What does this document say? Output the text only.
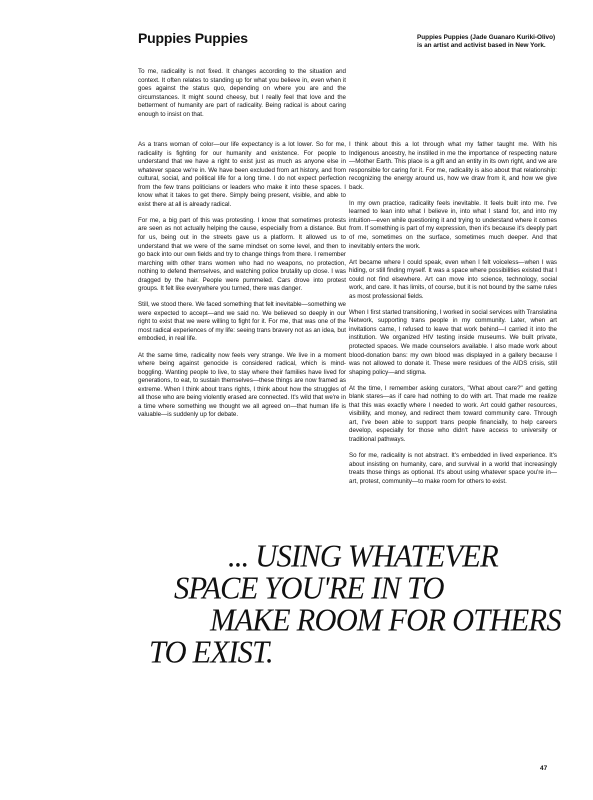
Puppies Puppies	Puppies Puppies (Jade Guanaro Kuriki-Olivo) is an artist and activist based in New York.

To me, radicality is not fixed. It changes according to the situation and context. It often relates to standing up for what you believe in, even when it goes against the status quo, depending on where you are and the circumstances. It might sound cheesy, but I really feel that love and the betterment of humanity are part of radicality. Being radical is about caring enough to insist on that.

As a trans woman of color—our life expectancy is a lot lower. So for me, radicality is fighting for our humanity and existence. For people to understand that we have a right to exist just as much as anyone else in whatever space we're in. We have been excluded from art history, and from cultural, social, and political life for a long time. I do not expect perfection from the few trans politicians or leaders who make it into these spaces. I know what it takes to get there. Simply being present, visible, and able to exist there at all is already radical.

For me, a big part of this was protesting. I know that sometimes protests are seen as not actually helping the cause, especially from a distance. But for us, being out in the streets gave us a platform. It allowed us to understand that we were of the same mindset on some level, and then to go back into our own fields and try to change things from there. I remember marching with other trans women who had no weapons, no protection, nothing to defend themselves, and watching police brutality up close. I was dragged by the hair. People were pummeled. Cars drove into protest groups. It felt like everywhere you turned, there was danger.

Still, we stood there. We faced something that felt inevitable—something we were expected to accept—and we said no. We believed so deeply in our right to exist that we were willing to fight for it. For me, that was one of the most radical experiences of my life: seeing trans bravery not as an idea, but embodied, in real life.

At the same time, radicality now feels very strange. We live in a moment where being against genocide is considered radical, which is mind-boggling. Wanting people to live, to stay where their families have lived for generations, to eat, to sustain themselves—these things are now framed as extreme. When I think about trans rights, I think about how the struggles of all those who are being violently erased are connected. It's wild that we're in a time where something we thought we all agreed on—that human life is valuable—is suddenly up for debate.

I think about this a lot through what my father taught me. With his Indigenous ancestry, he instilled in me the importance of respecting nature—Mother Earth. This place is a gift and an entity in its own right, and we are responsible for caring for it. For me, radicality is also about that relationship: recognizing the energy around us, how we draw from it, and how we give back.

In my own practice, radicality feels inevitable. It feels built into me. I've learned to lean into what I believe in, into what I stand for, and into my intuition—even while questioning it and trying to understand where it comes from. If something is part of my expression, then it's because it's deeply part of me, sometimes on the surface, sometimes much deeper. And that inevitably enters the work.

Art became where I could speak, even when I felt voiceless—when I was hiding, or still finding myself. It was a space where possibilities existed that I could not find elsewhere. Art can move into science, technology, social work, and care. It has limits, of course, but it is not bound by the same rules as most professional fields.

When I first started transitioning, I worked in social services with Translatina Network, supporting trans people in my community. Later, when art invitations came, I refused to leave that work behind—I carried it into the institution. We organized HIV testing inside museums. We built private, protected spaces. We made counselors available. I also made work about blood-donation bans: my own blood was displayed in a gallery because I was not allowed to donate it. These were residues of the AIDS crisis, still shaping policy—and stigma.

At the time, I remember asking curators, "What about care?" and getting blank stares—as if care had nothing to do with art. That made me realize that this was exactly where I needed to work. Art could gather resources, visibility, and money, and redirect them toward community care. Through art, I've been able to support trans people financially, to help careers develop, especially for those who didn't have access to university or traditional pathways.

So for me, radicality is not abstract. It's embedded in lived experience. It's about insisting on humanity, care, and survival in a world that increasingly treats those things as optional. It's about using whatever space you're in—art, protest, community—to make room for others to exist.

... USING WHATEVER
SPACE YOU'RE IN TO
MAKE ROOM FOR OTHERS
TO EXIST.
47
